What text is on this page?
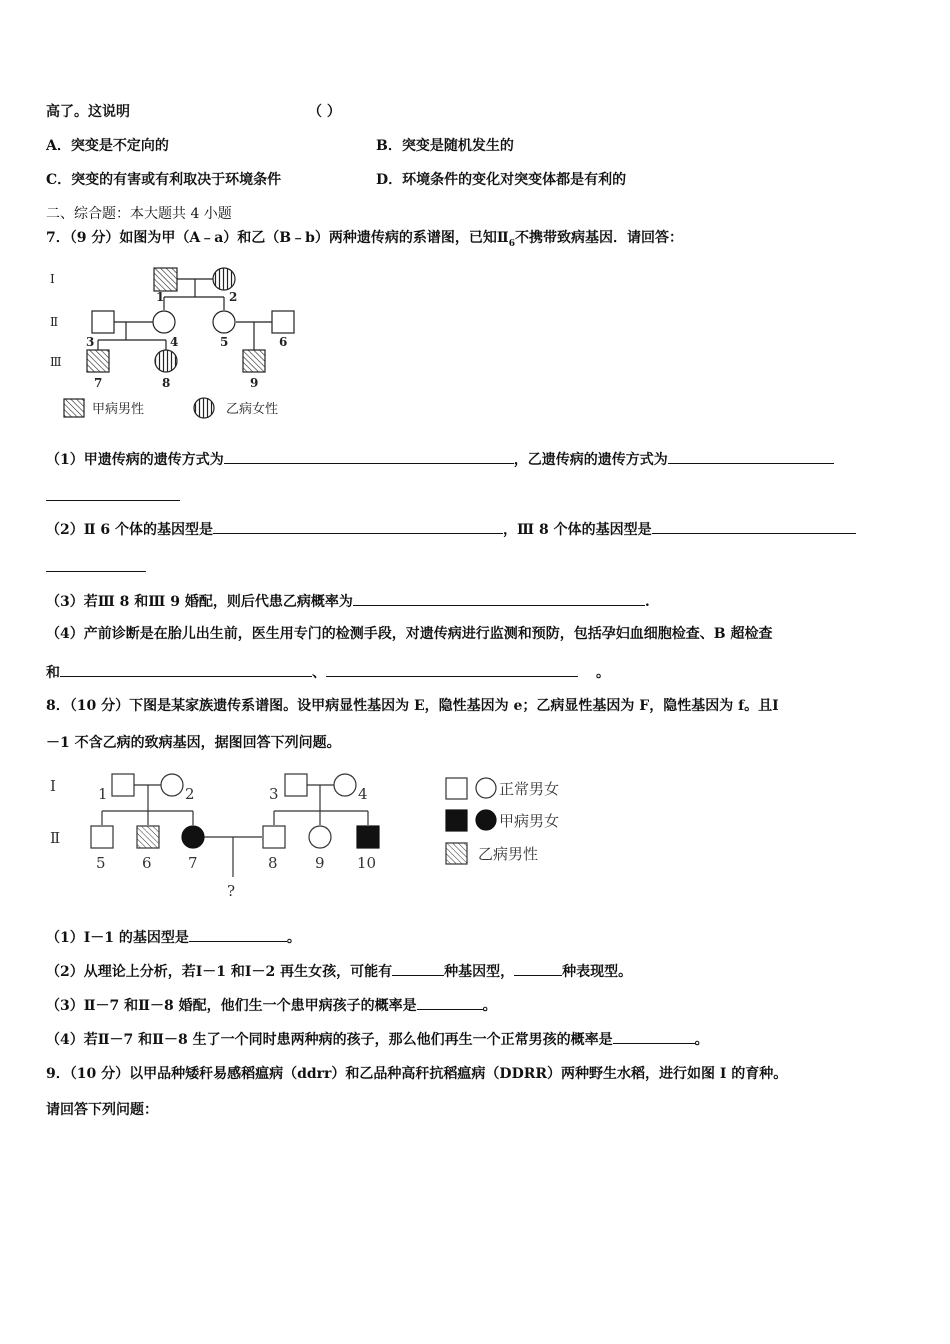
高了。这说明	（ ）
A．突变是不定向的	B．突变是随机发生的
C．突变的有害或有利取决于环境条件	D．环境条件的变化对突变体都是有利的
二、综合题：本大题共 4 小题
7．（9 分）如图为甲（A﹣a）和乙（B﹣b）两种遗传病的系谱图，已知$Ⅱ_6$不携带致病基因．请回答：
Ⅰ
Ⅱ
Ⅲ
1	2
3	4	5	6
7	8	9
甲病男性	乙病女性
（1）甲遗传病的遗传方式为	，乙遗传病的遗传方式为
（2）Ⅱ 6 个体的基因型是	，Ⅲ 8 个体的基因型是
（3）若Ⅲ 8 和Ⅲ 9 婚配，则后代患乙病概率为	.
（4）产前诊断是在胎儿出生前，医生用专门的检测手段，对遗传病进行监测和预防，包括孕妇血细胞检查、B 超检查
和	、	。
8．（10 分）下图是某家族遗传系谱图。设甲病显性基因为 E，隐性基因为 e；乙病显性基因为 F，隐性基因为 f。且Ⅰ
－1 不含乙病的致病基因，据图回答下列问题。
Ⅰ
Ⅱ
1	2	3	4
5 6 7	8 9 10
?
正常男女
甲病男女
乙病男性
（1）Ⅰ－1 的基因型是	。
（2）从理论上分析，若Ⅰ－1 和Ⅰ－2 再生女孩，可能有	种基因型，	种表现型。
（3）Ⅱ－7 和Ⅱ－8 婚配，他们生一个患甲病孩子的概率是	。
（4）若Ⅱ－7 和Ⅱ－8 生了一个同时患两种病的孩子，那么他们再生一个正常男孩的概率是	。
9．（10 分）以甲品种矮秆易感稻瘟病（ddrr）和乙品种高秆抗稻瘟病（DDRR）两种野生水稻，进行如图 I 的育种。
请回答下列问题：
